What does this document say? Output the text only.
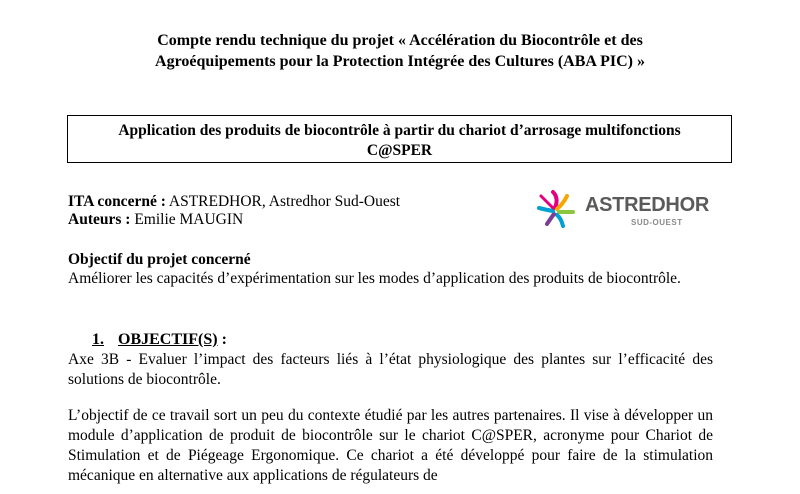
Compte rendu technique du projet « Accélération du Biocontrôle et des
Agroéquipements pour la Protection Intégrée des Cultures (ABA PIC) »
Application des produits de biocontrôle à partir du chariot d’arrosage multifonctions
C@SPER
ITA concerné : ASTREDHOR, Astredhor Sud-Ouest
Auteurs : Emilie MAUGIN
ASTREDHOR
SUD-OUEST
Objectif du projet concerné

Améliorer les capacités d’expérimentation sur les modes d’application des produits de biocontrôle.

1. OBJECTIF(S) :

Axe 3B - Evaluer l’impact des facteurs liés à l’état physiologique des plantes sur l’efficacité des solutions de biocontrôle.

L’objectif de ce travail sort un peu du contexte étudié par les autres partenaires. Il vise à développer un module d’application de produit de biocontrôle sur le chariot C@SPER, acronyme pour Chariot de Stimulation et de Piégeage Ergonomique. Ce chariot a été développé pour faire de la stimulation mécanique en alternative aux applications de régulateurs de
